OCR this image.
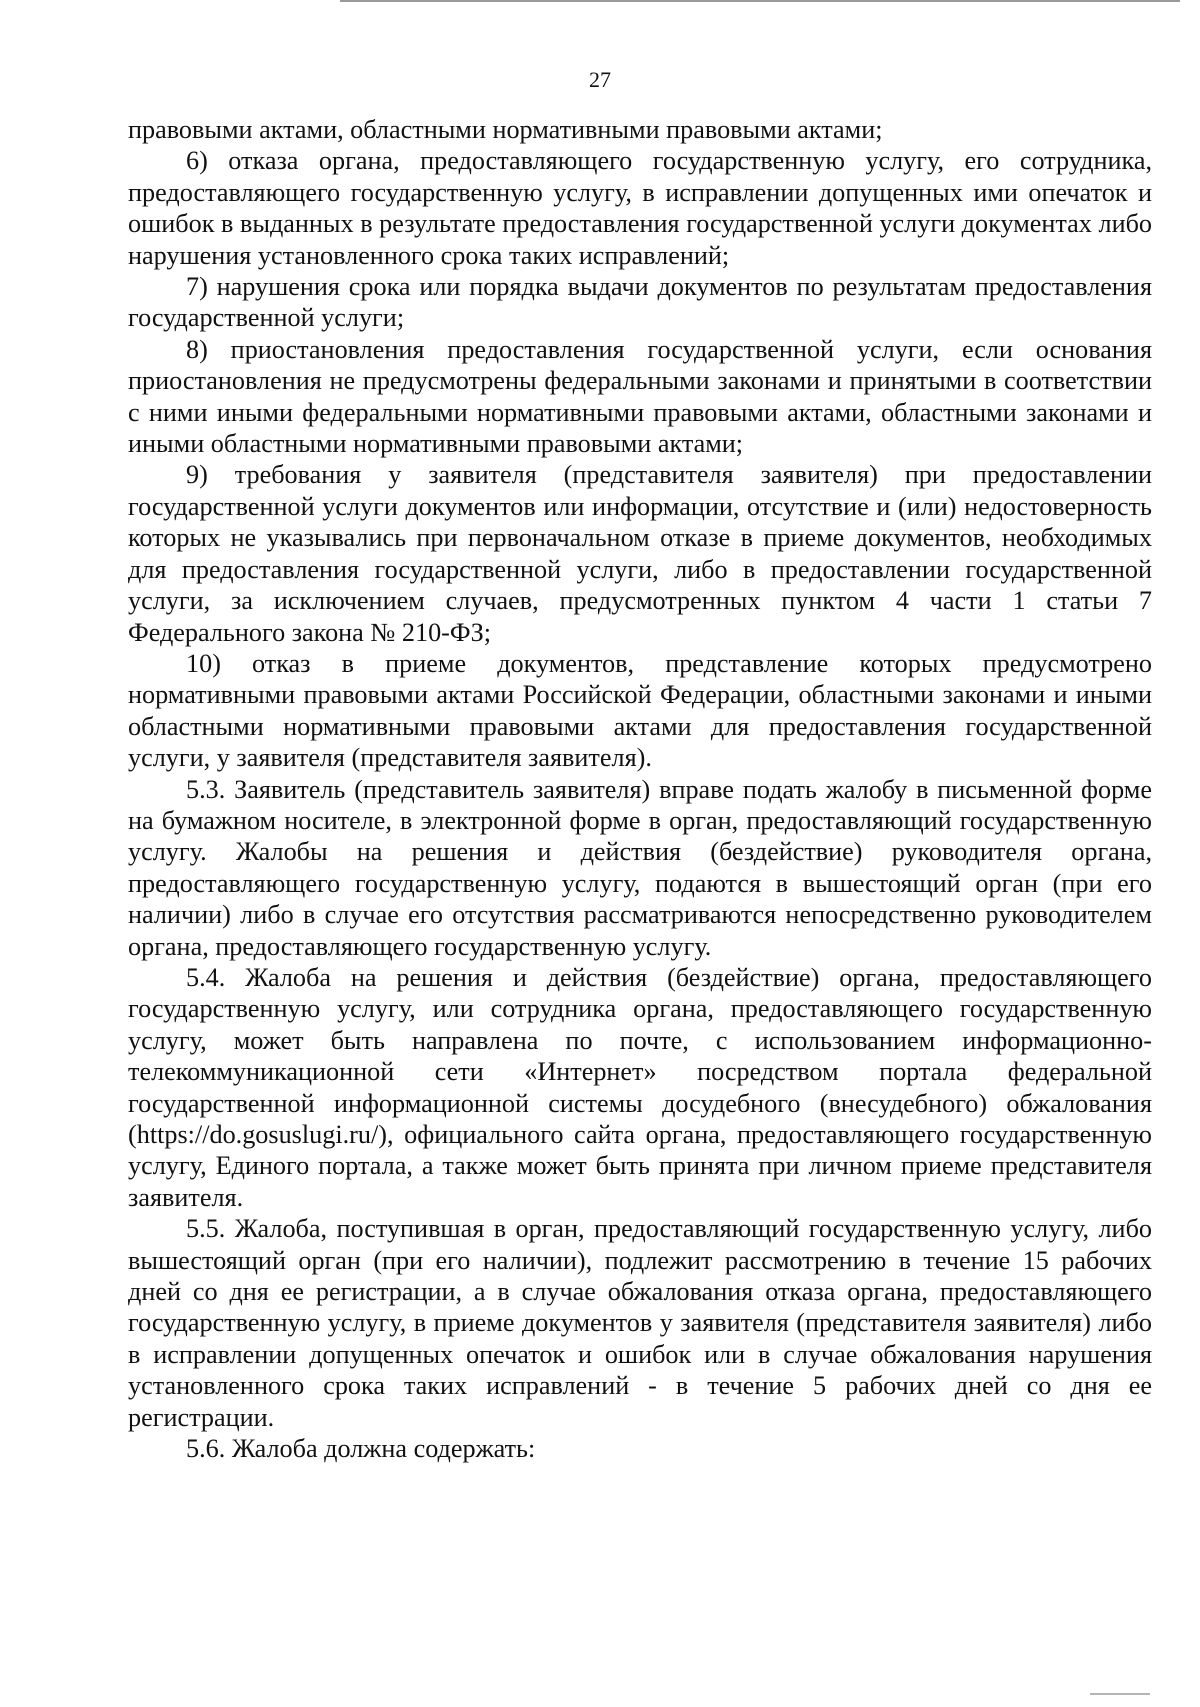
27

правовыми актами, областными нормативными правовыми актами;

6) отказа органа, предоставляющего государственную услугу, его сотрудника, предоставляющего государственную услугу, в исправлении допущенных ими опечаток и ошибок в выданных в результате предоставления государственной услуги документах либо нарушения установленного срока таких исправлений;

7) нарушения срока или порядка выдачи документов по результатам предоставления государственной услуги;

8) приостановления предоставления государственной услуги, если основания приостановления не предусмотрены федеральными законами и принятыми в соответствии с ними иными федеральными нормативными правовыми актами, областными законами и иными областными нормативными правовыми актами;

9) требования у заявителя (представителя заявителя) при предоставлении государственной услуги документов или информации, отсутствие и (или) недостоверность которых не указывались при первоначальном отказе в приеме документов, необходимых для предоставления государственной услуги, либо в предоставлении государственной услуги, за исключением случаев, предусмотренных пунктом 4 части 1 статьи 7 Федерального закона № 210-ФЗ;

10) отказ в приеме документов, представление которых предусмотрено нормативными правовыми актами Российской Федерации, областными законами и иными областными нормативными правовыми актами для предоставления государственной услуги, у заявителя (представителя заявителя).

5.3. Заявитель (представитель заявителя) вправе подать жалобу в письменной форме на бумажном носителе, в электронной форме в орган, предоставляющий государственную услугу. Жалобы на решения и действия (бездействие) руководителя органа, предоставляющего государственную услугу, подаются в вышестоящий орган (при его наличии) либо в случае его отсутствия рассматриваются непосредственно руководителем органа, предоставляющего государственную услугу.

5.4. Жалоба на решения и действия (бездействие) органа, предоставляющего государственную услугу, или сотрудника органа, предоставляющего государственную услугу, может быть направлена по почте, с использованием информационно-телекоммуникационной сети «Интернет» посредством портала федеральной государственной информационной системы досудебного (внесудебного) обжалования (https://do.gosuslugi.ru/), официального сайта органа, предоставляющего государственную услугу, Единого портала, а также может быть принята при личном приеме представителя заявителя.

5.5. Жалоба, поступившая в орган, предоставляющий государственную услугу, либо вышестоящий орган (при его наличии), подлежит рассмотрению в течение 15 рабочих дней со дня ее регистрации, а в случае обжалования отказа органа, предоставляющего государственную услугу, в приеме документов у заявителя (представителя заявителя) либо в исправлении допущенных опечаток и ошибок или в случае обжалования нарушения установленного срока таких исправлений - в течение 5 рабочих дней со дня ее регистрации.

5.6. Жалоба должна содержать:
